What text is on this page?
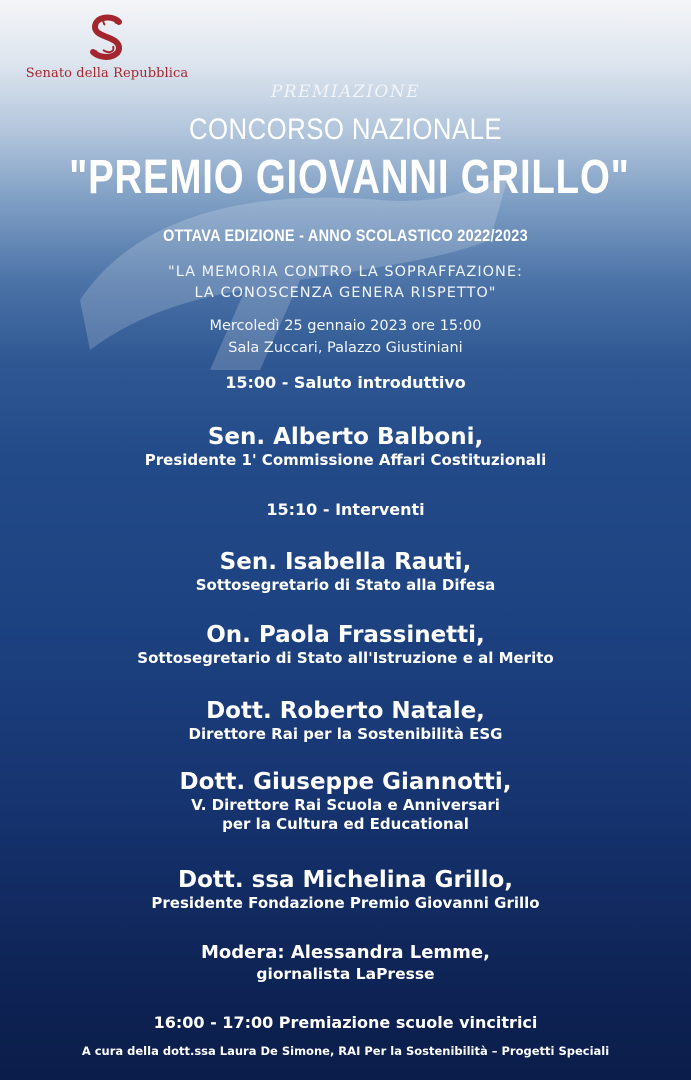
Senato della Repubblica
PREMIAZIONE
CONCORSO NAZIONALE
"PREMIO GIOVANNI GRILLO"
OTTAVA EDIZIONE - ANNO SCOLASTICO 2022/2023
"LA MEMORIA CONTRO LA SOPRAFFAZIONE:
LA CONOSCENZA GENERA RISPETTO"
Mercoledì 25 gennaio 2023 ore 15:00
Sala Zuccari, Palazzo Giustiniani
15:00 - Saluto introduttivo
Sen. Alberto Balboni,
Presidente 1' Commissione Affari Costituzionali
15:10 - Interventi
Sen. Isabella Rauti,
Sottosegretario di Stato alla Difesa
On. Paola Frassinetti,
Sottosegretario di Stato all'Istruzione e al Merito
Dott. Roberto Natale,
Direttore Rai per la Sostenibilità ESG
Dott. Giuseppe Giannotti,
V. Direttore Rai Scuola e Anniversari
per la Cultura ed Educational
Dott. ssa Michelina Grillo,
Presidente Fondazione Premio Giovanni Grillo
Modera: Alessandra Lemme,
giornalista LaPresse
16:00 - 17:00 Premiazione scuole vincitrici
A cura della dott.ssa Laura De Simone, RAI Per la Sostenibilità – Progetti Speciali
